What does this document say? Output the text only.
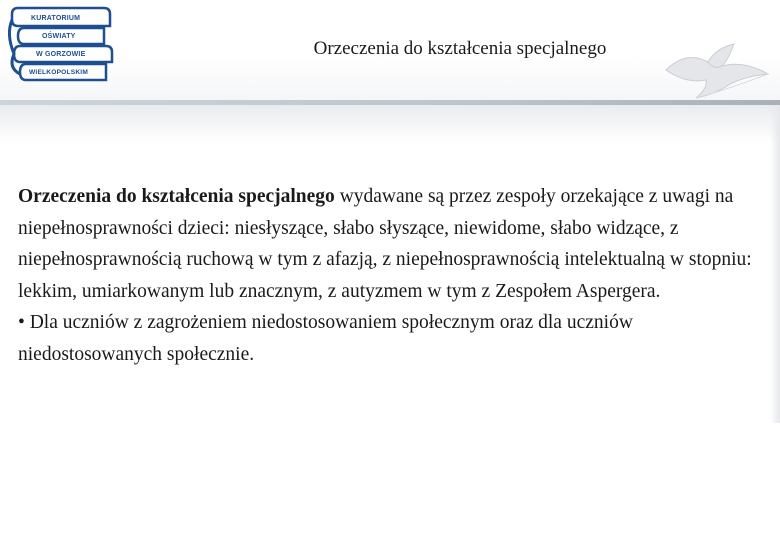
KURATORIUM
OŚWIATY
W GORZOWIE
WIELKOPOLSKIM
Orzeczenia do kształcenia specjalnego

Orzeczenia do kształcenia specjalnego wydawane są przez zespoły orzekające z uwagi na niepełnosprawności dzieci: niesłyszące, słabo słyszące, niewidome, słabo widzące, z niepełnosprawnością ruchową w tym z afazją, z niepełnosprawnością intelektualną w stopniu: lekkim, umiarkowanym lub znacznym, z autyzmem w tym z Zespołem Aspergera.

• Dla uczniów z zagrożeniem niedostosowaniem społecznym oraz dla uczniów niedostosowanych społecznie.
